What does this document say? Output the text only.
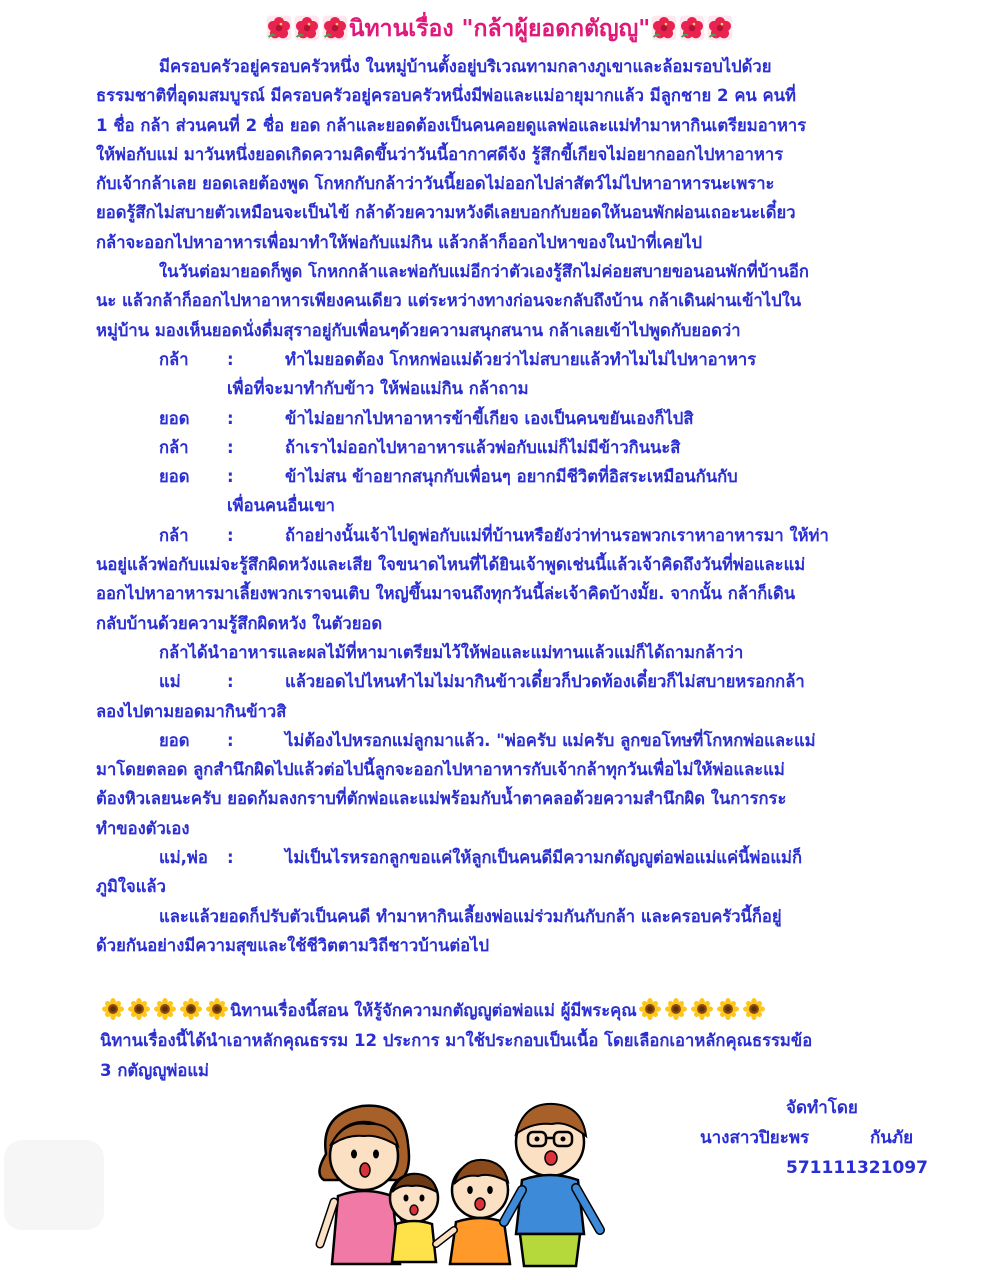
นิทานเรื่อง "กล้าผู้ยอดกตัญญู"

มีครอบครัวอยู่ครอบครัวหนึ่ง ในหมู่บ้านตั้งอยู่บริเวณทามกลางภูเขาและล้อมรอบไปด้วย

ธรรมชาติที่อุดมสมบูรณ์ มีครอบครัวอยู่ครอบครัวหนึ่งมีพ่อและแม่อายุมากแล้ว มีลูกชาย 2 คน คนที่

1 ชื่อ กล้า ส่วนคนที่ 2 ชื่อ ยอด กล้าและยอดต้องเป็นคนคอยดูแลพ่อและแม่ทำมาหากินเตรียมอาหาร

ให้พ่อกับแม่ มาวันหนึ่งยอดเกิดความคิดขึ้นว่าวันนี้อากาศดีจัง รู้สึกขี้เกียจไม่อยากออกไปหาอาหาร

กับเจ้ากล้าเลย ยอดเลยต้องพูด โกหกกับกล้าว่าวันนี้ยอดไม่ออกไปล่าสัตว์ไม่ไปหาอาหารนะเพราะ

ยอดรู้สึกไม่สบายตัวเหมือนจะเป็นไข้ กล้าด้วยความหวังดีเลยบอกกับยอดให้นอนพักผ่อนเถอะนะเดี๋ยว

กล้าจะออกไปหาอาหารเพื่อมาทำให้พ่อกับแม่กิน แล้วกล้าก็ออกไปหาของในป่าที่เคยไป

ในวันต่อมายอดก็พูด โกหกกล้าและพ่อกับแม่อีกว่าตัวเองรู้สึกไม่ค่อยสบายขอนอนพักที่บ้านอีก

นะ แล้วกล้าก็ออกไปหาอาหารเพียงคนเดียว แต่ระหว่างทางก่อนจะกลับถึงบ้าน กล้าเดินผ่านเข้าไปใน

หมู่บ้าน มองเห็นยอดนั่งดื่มสุราอยู่กับเพื่อนๆด้วยความสนุกสนาน กล้าเลยเข้าไปพูดกับยอดว่า

กล้า	:	ทำไมยอดต้อง โกหกพ่อแม่ด้วยว่าไม่สบายแล้วทำไมไม่ไปหาอาหาร

เพื่อที่จะมาทำกับข้าว ให้พ่อแม่กิน กล้าถาม

ยอด	:	ข้าไม่อยากไปหาอาหารข้าขี้เกียจ เองเป็นคนขยันเองก็ไปสิ
กล้า	:	ถ้าเราไม่ออกไปหาอาหารแล้วพ่อกับแม่ก็ไม่มีข้าวกินนะสิ
ยอด	:	ข้าไม่สน ข้าอยากสนุกกับเพื่อนๆ อยากมีชีวิตที่อิสระเหมือนกันกับ

เพื่อนคนอื่นเขา

กล้า	:	ถ้าอย่างนั้นเจ้าไปดูพ่อกับแม่ที่บ้านหรือยังว่าท่านรอพวกเราหาอาหารมา ให้ท่า

นอยู่แล้วพ่อกับแม่จะรู้สึกผิดหวังและเสีย ใจขนาดไหนที่ได้ยินเจ้าพูดเช่นนี้แล้วเจ้าคิดถึงวันที่พ่อและแม่

ออกไปหาอาหารมาเลี้ยงพวกเราจนเติบ ใหญ่ขึ้นมาจนถึงทุกวันนี้ล่ะเจ้าคิดบ้างมั้ย. จากนั้น กล้าก็เดิน

กลับบ้านด้วยความรู้สึกผิดหวัง ในตัวยอด

กล้าได้นำอาหารและผลไม้ที่หามาเตรียมไว้ให้พ่อและแม่ทานแล้วแม่ก็ได้ถามกล้าว่า

แม่	:	แล้วยอดไปไหนทำไมไม่มากินข้าวเดี๋ยวก็ปวดท้องเดี๋ยวก็ไม่สบายหรอกกล้า

ลองไปตามยอดมากินข้าวสิ

ยอด	:	ไม่ต้องไปหรอกแม่ลูกมาแล้ว. "พ่อครับ แม่ครับ ลูกขอโทษที่โกหกพ่อและแม่

มาโดยตลอด ลูกสำนึกผิดไปแล้วต่อไปนี้ลูกจะออกไปหาอาหารกับเจ้ากล้าทุกวันเพื่อไม่ให้พ่อและแม่

ต้องหิวเลยนะครับ ยอดก้มลงกราบที่ตักพ่อและแม่พร้อมกับน้ำตาคลอด้วยความสำนึกผิด ในการกระ

ทำของตัวเอง

แม่,พ่อ	:	ไม่เป็นไรหรอกลูกขอแค่ให้ลูกเป็นคนดีมีความกตัญญูต่อพ่อแม่แค่นี้พ่อแม่ก็

ภูมิใจแล้ว

และแล้วยอดก็ปรับตัวเป็นคนดี ทำมาหากินเลี้ยงพ่อแม่ร่วมกันกับกล้า และครอบครัวนี้ก็อยู่

ด้วยกันอย่างมีความสุขและใช้ชีวิตตามวิถีชาวบ้านต่อไป

นิทานเรื่องนี้สอน ให้รู้จักความกตัญญูต่อพ่อแม่ ผู้มีพระคุณ
นิทานเรื่องนี้ได้นำเอาหลักคุณธรรม 12 ประการ มาใช้ประกอบเป็นเนื้อ โดยเลือกเอาหลักคุณธรรมข้อ
3 กตัญญูพ่อแม่
จัดทำโดย
นางสาวปิยะพร	กันภัย
571111321097
